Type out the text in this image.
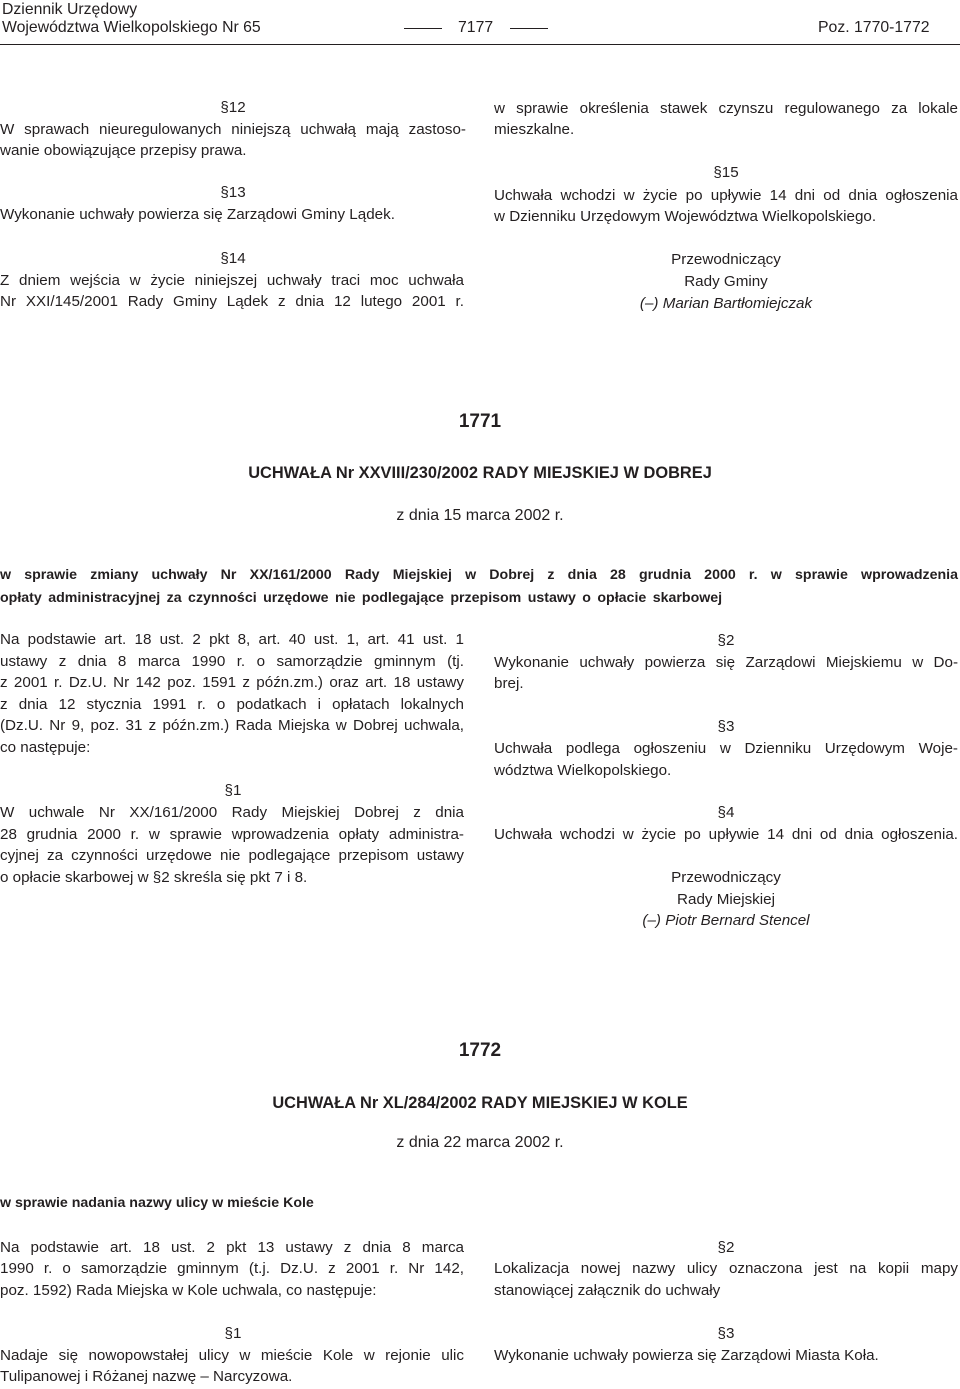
Dziennik Urzędowy
Województwa Wielkopolskiego Nr 65	7177	Poz. 1770-1772
§12
W sprawach nieuregulowanych niniejszą uchwałą mają zastoso-
wanie obowiązujące przepisy prawa.
§13
Wykonanie uchwały powierza się Zarządowi Gminy Lądek.
§14
Z dniem wejścia w życie niniejszej uchwały traci moc uchwała
Nr XXI/145/2001 Rady Gminy Lądek z dnia 12 lutego 2001 r.
w sprawie określenia stawek czynszu regulowanego za lokale
mieszkalne.
§15
Uchwała wchodzi w życie po upływie 14 dni od dnia ogłoszenia
w Dzienniku Urzędowym Województwa Wielkopolskiego.
Przewodniczący
Rady Gminy
(–) Marian Bartłomiejczak
1771
UCHWAŁA Nr XXVIII/230/2002 RADY MIEJSKIEJ W DOBREJ
z dnia 15 marca 2002 r.
w sprawie zmiany uchwały Nr XX/161/2000 Rady Miejskiej w Dobrej z dnia 28 grudnia 2000 r. w sprawie wprowadzenia
opłaty administracyjnej za czynności urzędowe nie podlegające przepisom ustawy o opłacie skarbowej
Na podstawie art. 18 ust. 2 pkt 8, art. 40 ust. 1, art. 41 ust. 1
ustawy z dnia 8 marca 1990 r. o samorządzie gminnym (tj.
z 2001 r. Dz.U. Nr 142 poz. 1591 z późn.zm.) oraz art. 18 ustawy
z dnia 12 stycznia 1991 r. o podatkach i opłatach lokalnych
(Dz.U. Nr 9, poz. 31 z późn.zm.) Rada Miejska w Dobrej uchwala,
co następuje:
§1
W uchwale Nr XX/161/2000 Rady Miejskiej Dobrej z dnia
28 grudnia 2000 r. w sprawie wprowadzenia opłaty administra-
cyjnej za czynności urzędowe nie podlegające przepisom ustawy
o opłacie skarbowej w §2 skreśla się pkt 7 i 8.
§2
Wykonanie uchwały powierza się Zarządowi Miejskiemu w Do-
brej.
§3
Uchwała podlega ogłoszeniu w Dzienniku Urzędowym Woje-
wództwa Wielkopolskiego.
§4
Uchwała wchodzi w życie po upływie 14 dni od dnia ogłoszenia.
Przewodniczący
Rady Miejskiej
(–) Piotr Bernard Stencel
1772
UCHWAŁA Nr XL/284/2002 RADY MIEJSKIEJ W KOLE
z dnia 22 marca 2002 r.
w sprawie nadania nazwy ulicy w mieście Kole
Na podstawie art. 18 ust. 2 pkt 13 ustawy z dnia 8 marca
1990 r. o samorządzie gminnym (t.j. Dz.U. z 2001 r. Nr 142,
poz. 1592) Rada Miejska w Kole uchwala, co następuje:
§1
Nadaje się nowopowstałej ulicy w mieście Kole w rejonie ulic
Tulipanowej i Różanej nazwę – Narcyzowa.
§2
Lokalizacja nowej nazwy ulicy oznaczona jest na kopii mapy
stanowiącej załącznik do uchwały
§3
Wykonanie uchwały powierza się Zarządowi Miasta Koła.
